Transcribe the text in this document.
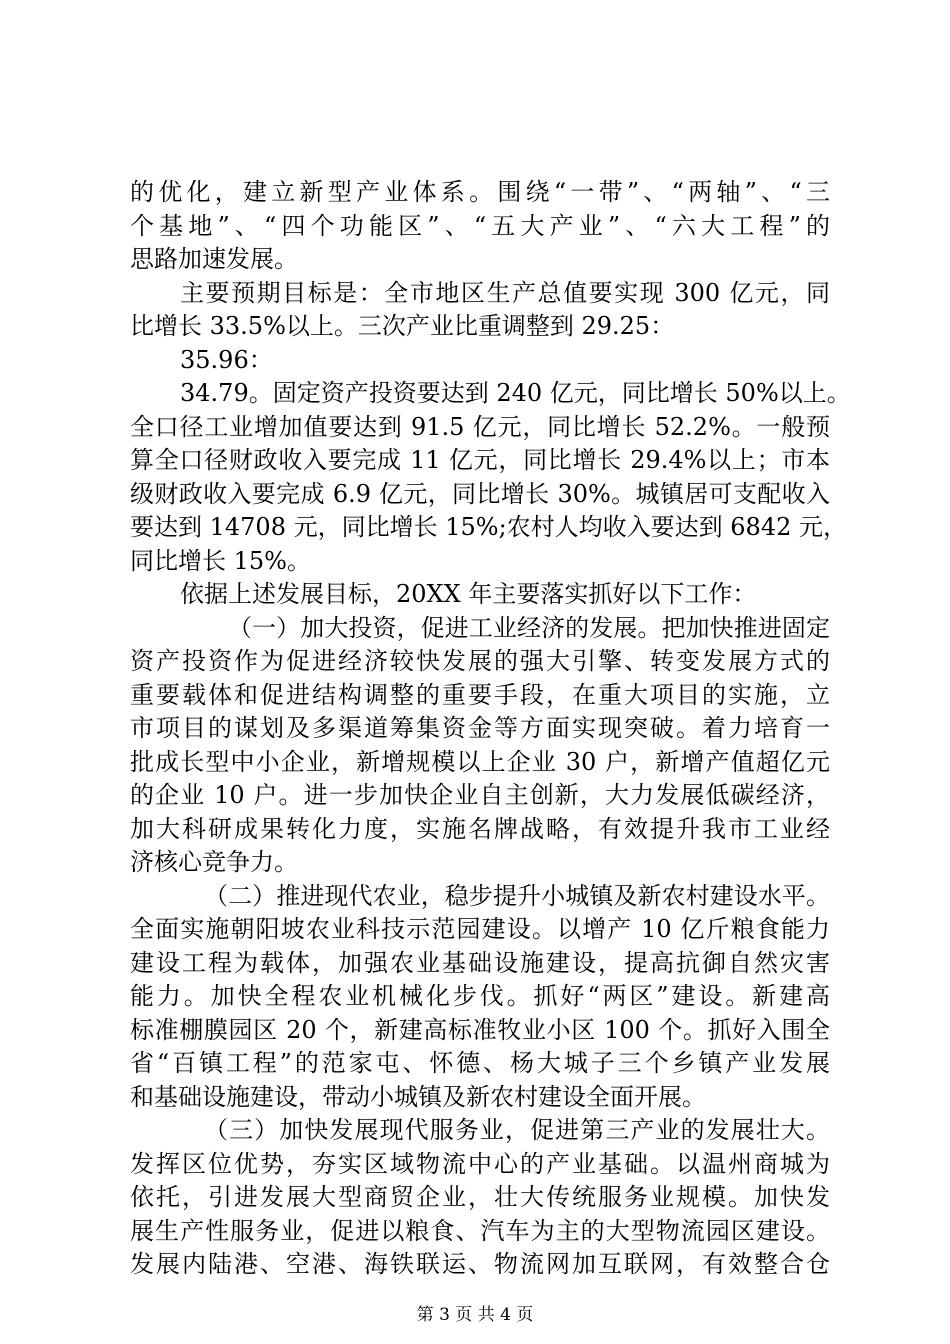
的优化，建立新型产业体系。围绕“一带”、“两轴”、“三
个基地”、“四个功能区”、“五大产业”、“六大工程”的
思路加速发展。
主要预期目标是：全市地区生产总值要实现 300 亿元，同
比增长 33.5%以上。三次产业比重调整到 29.25：
35.96：
34.79。固定资产投资要达到 240 亿元，同比增长 50%以上。
全口径工业增加值要达到 91.5 亿元，同比增长 52.2%。一般预
算全口径财政收入要完成 11 亿元，同比增长 29.4%以上；市本
级财政收入要完成 6.9 亿元，同比增长 30%。城镇居可支配收入
要达到 14708 元，同比增长 15%;农村人均收入要达到 6842 元，
同比增长 15%。
依据上述发展目标，20XX 年主要落实抓好以下工作：
（一）加大投资，促进工业经济的发展。把加快推进固定
资产投资作为促进经济较快发展的强大引擎、转变发展方式的
重要载体和促进结构调整的重要手段，在重大项目的实施，立
市项目的谋划及多渠道筹集资金等方面实现突破。着力培育一
批成长型中小企业，新增规模以上企业 30 户，新增产值超亿元
的企业 10 户。进一步加快企业自主创新，大力发展低碳经济，
加大科研成果转化力度，实施名牌战略，有效提升我市工业经
济核心竞争力。
（二）推进现代农业，稳步提升小城镇及新农村建设水平。
全面实施朝阳坡农业科技示范园建设。以增产 10 亿斤粮食能力
建设工程为载体，加强农业基础设施建设，提高抗御自然灾害
能力。加快全程农业机械化步伐。抓好“两区”建设。新建高
标准棚膜园区 20 个，新建高标准牧业小区 100 个。抓好入围全
省“百镇工程”的范家屯、怀德、杨大城子三个乡镇产业发展
和基础设施建设，带动小城镇及新农村建设全面开展。
（三）加快发展现代服务业，促进第三产业的发展壮大。
发挥区位优势，夯实区域物流中心的产业基础。以温州商城为
依托，引进发展大型商贸企业，壮大传统服务业规模。加快发
展生产性服务业，促进以粮食、汽车为主的大型物流园区建设。
发展内陆港、空港、海铁联运、物流网加互联网，有效整合仓
第 3 页 共 4 页
